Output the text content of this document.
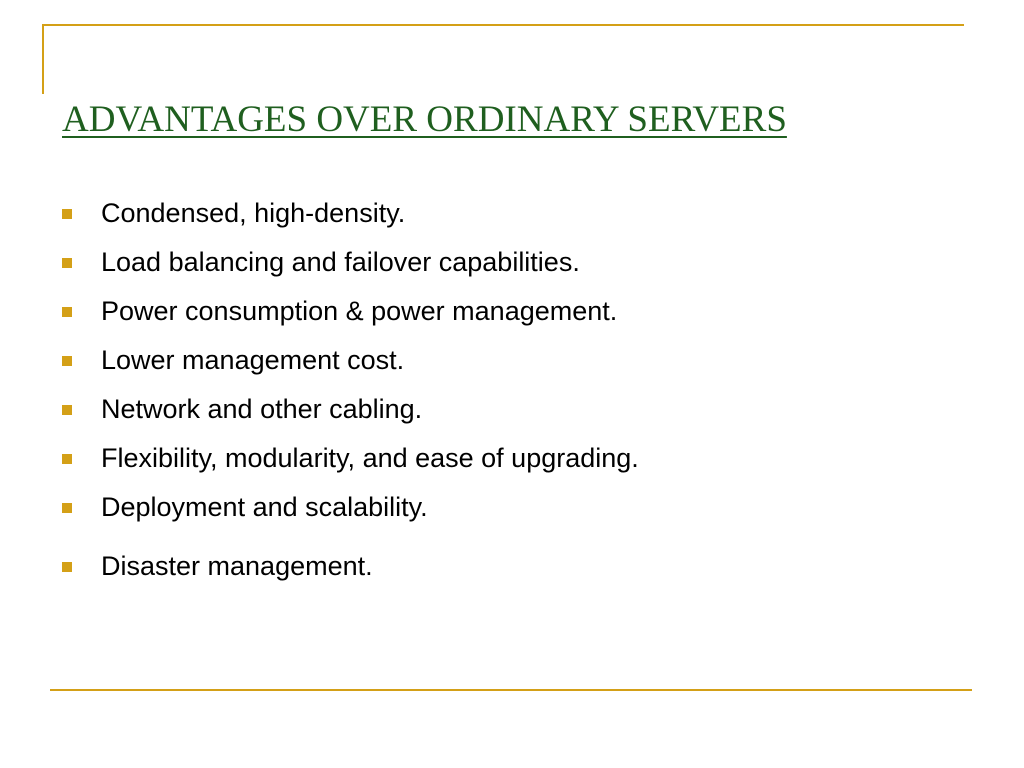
ADVANTAGES OVER ORDINARY SERVERS
Condensed, high-density.
Load balancing and failover capabilities.
Power consumption & power management.
Lower management cost.
Network and other cabling.
Flexibility, modularity, and ease of upgrading.
Deployment and scalability.
Disaster management.
